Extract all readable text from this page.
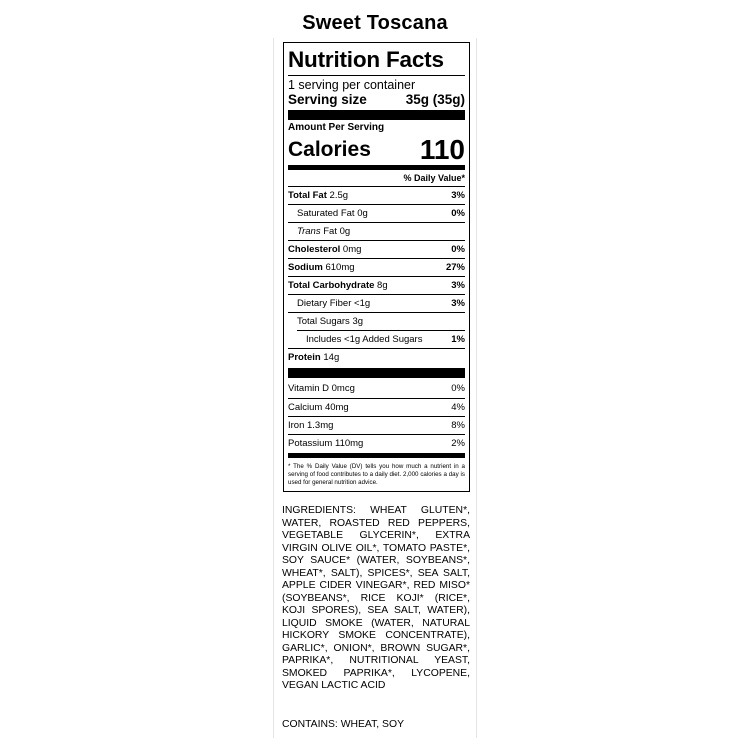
Sweet Toscana
Nutrition Facts
1 serving per container
Serving size	35g (35g)
Amount Per Serving
Calories 110
% Daily Value*
Total Fat 2.5g	3%
Saturated Fat 0g	0%
Trans Fat 0g
Cholesterol 0mg	0%
Sodium 610mg	27%
Total Carbohydrate 8g	3%
Dietary Fiber <1g	3%
Total Sugars 3g
Includes <1g Added Sugars	1%
Protein 14g
Vitamin D 0mcg	0%
Calcium 40mg	4%
Iron 1.3mg	8%
Potassium 110mg	2%
* The % Daily Value (DV) tells you how much a nutrient in a serving of food contributes to a daily diet. 2,000 calories a day is used for general nutrition advice.
INGREDIENTS: WHEAT GLUTEN*, WATER, ROASTED RED PEPPERS, VEGETABLE GLYCERIN*, EXTRA VIRGIN OLIVE OIL*, TOMATO PASTE*, SOY SAUCE* (WATER, SOYBEANS*, WHEAT*, SALT), SPICES*, SEA SALT, APPLE CIDER VINEGAR*, RED MISO* (SOYBEANS*, RICE KOJI* (RICE*, KOJI SPORES), SEA SALT, WATER), LIQUID SMOKE (WATER, NATURAL HICKORY SMOKE CONCENTRATE), GARLIC*, ONION*, BROWN SUGAR*, PAPRIKA*, NUTRITIONAL YEAST, SMOKED PAPRIKA*, LYCOPENE, VEGAN LACTIC ACID
CONTAINS: WHEAT, SOY
